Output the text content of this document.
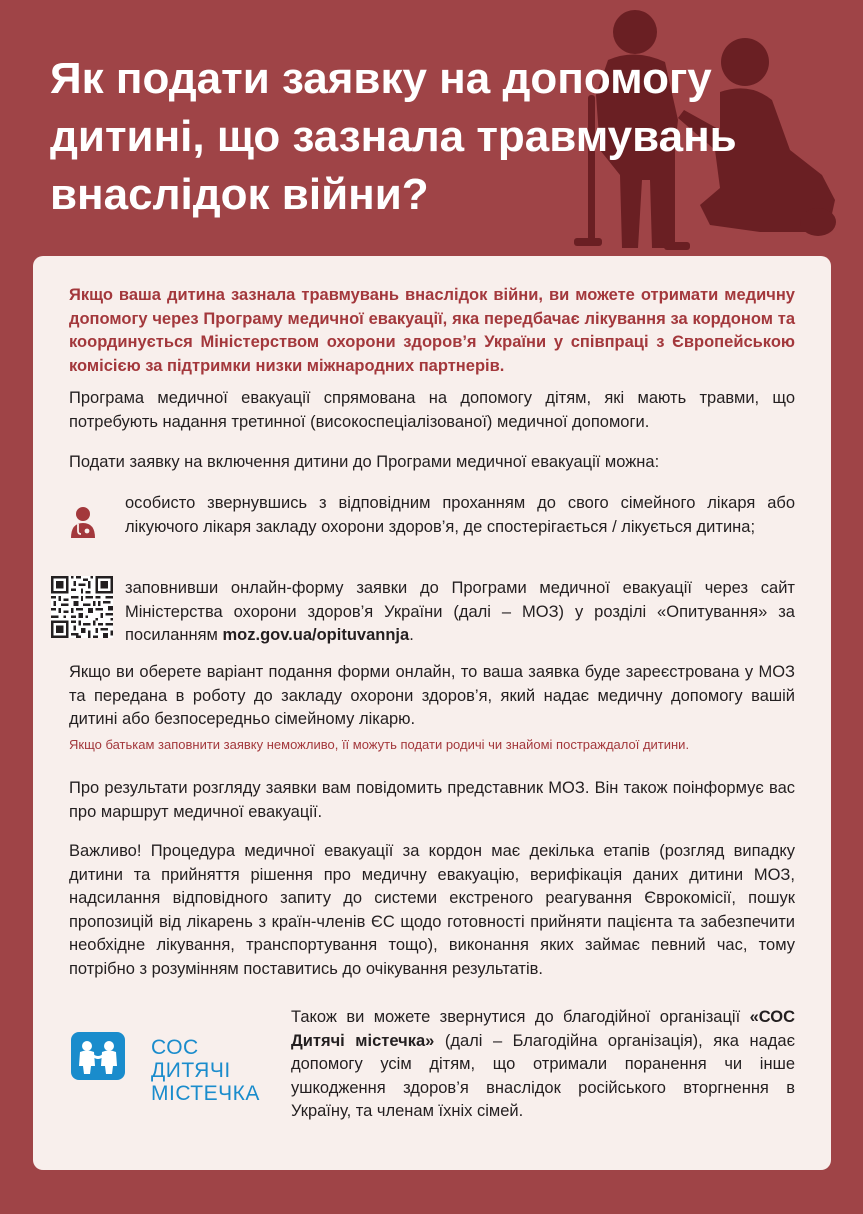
Як подати заявку на допомогу дитині, що зазнала травмувань внаслідок війни?

Якщо ваша дитина зазнала травмувань внаслідок війни, ви можете отримати медичну допомогу через Програму медичної евакуації, яка передбачає лікування за кордоном та координується Міністерством охорони здоров’я України у співпраці з Європейською комісією за підтримки низки міжнародних партнерів.

Програма медичної евакуації спрямована на допомогу дітям, які мають травми, що потребують надання третинної (високоспеціалізованої) медичної допомоги.

Подати заявку на включення дитини до Програми медичної евакуації можна:

особисто звернувшись з відповідним проханням до свого сімейного лікаря або лікуючого лікаря закладу охорони здоров’я, де спостерігається / лікується дитина;

заповнивши онлайн-форму заявки до Програми медичної евакуації через сайт Міністерства охорони здоров’я України (далі – МОЗ) у розділі «Опитування» за посиланням moz.gov.ua/opituvannja.

Якщо ви оберете варіант подання форми онлайн, то ваша заявка буде зареєстрована у МОЗ та передана в роботу до закладу охорони здоров’я, який надає медичну допомогу вашій дитині або безпосередньо сімейному лікарю.

Якщо батькам заповнити заявку неможливо, її можуть подати родичі чи знайомі постраждалої дитини.

Про результати розгляду заявки вам повідомить представник МОЗ. Він також поінформує вас про маршрут медичної евакуації.

Важливо! Процедура медичної евакуації за кордон має декілька етапів (розгляд випадку дитини та прийняття рішення про медичну евакуацію, верифікація даних дитини МОЗ, надсилання відповідного запиту до системи екстреного реагування Єврокомісії, пошук пропозицій від лікарень з країн-членів ЄС щодо готовності прийняти пацієнта та забезпечити необхідне лікування, транспортування тощо), виконання яких займає певний час, тому потрібно з розумінням поставитись до очікування результатів.

СОС ДИТЯЧІ
МІСТЕЧКА

Також ви можете звернутися до благодійної організації «СОС Дитячі містечка» (далі – Благодійна організація), яка надає допомогу усім дітям, що отримали поранення чи інше ушкодження здоров’я внаслідок російського вторгнення в Україну, та членам їхніх сімей.
